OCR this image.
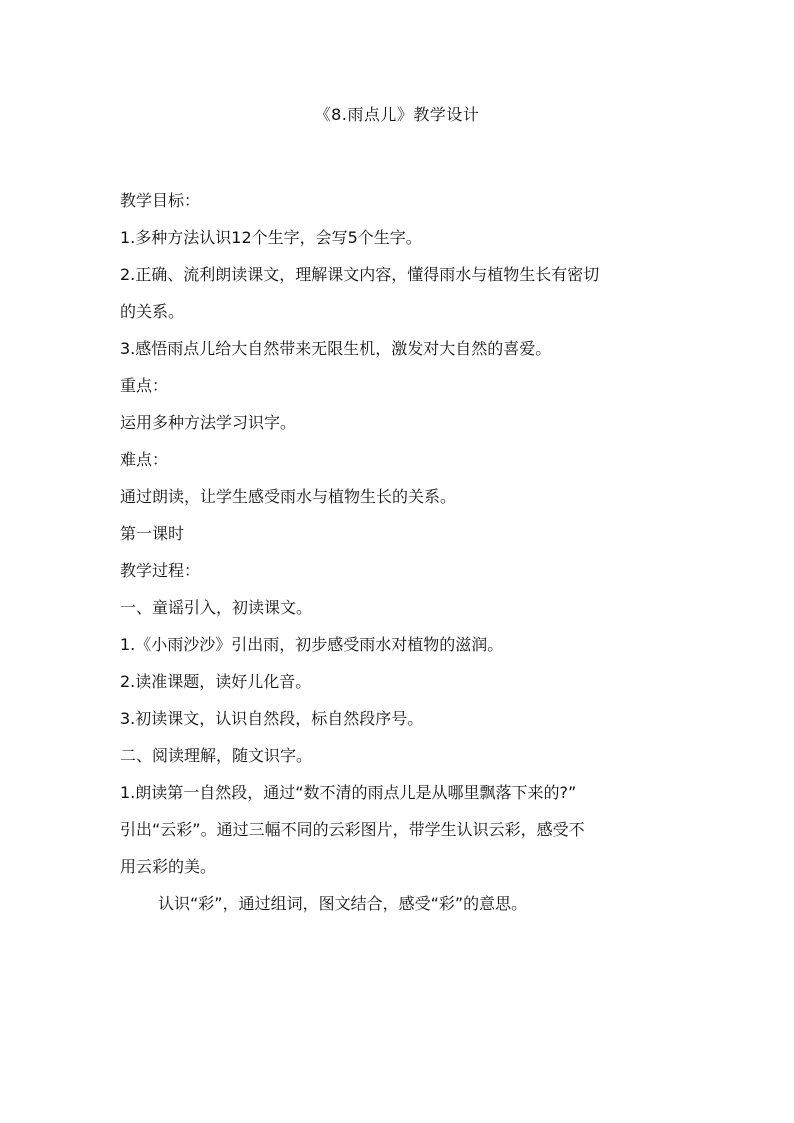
《8.雨点儿》教学设计
教学目标：
1.多种方法认识12个生字，会写5个生字。
2.正确、流利朗读课文，理解课文内容，懂得雨水与植物生长有密切
的关系。
3.感悟雨点儿给大自然带来无限生机，激发对大自然的喜爱。
重点：
运用多种方法学习识字。
难点：
通过朗读，让学生感受雨水与植物生长的关系。
第一课时
教学过程：
一、童谣引入，初读课文。
1.《小雨沙沙》引出雨，初步感受雨水对植物的滋润。
2.读准课题，读好儿化音。
3.初读课文，认识自然段，标自然段序号。
二、阅读理解，随文识字。
1.朗读第一自然段，通过“数不清的雨点儿是从哪里飘落下来的?”
引出“云彩”。通过三幅不同的云彩图片，带学生认识云彩，感受不
用云彩的美。
认识“彩”，通过组词，图文结合，感受“彩”的意思。
